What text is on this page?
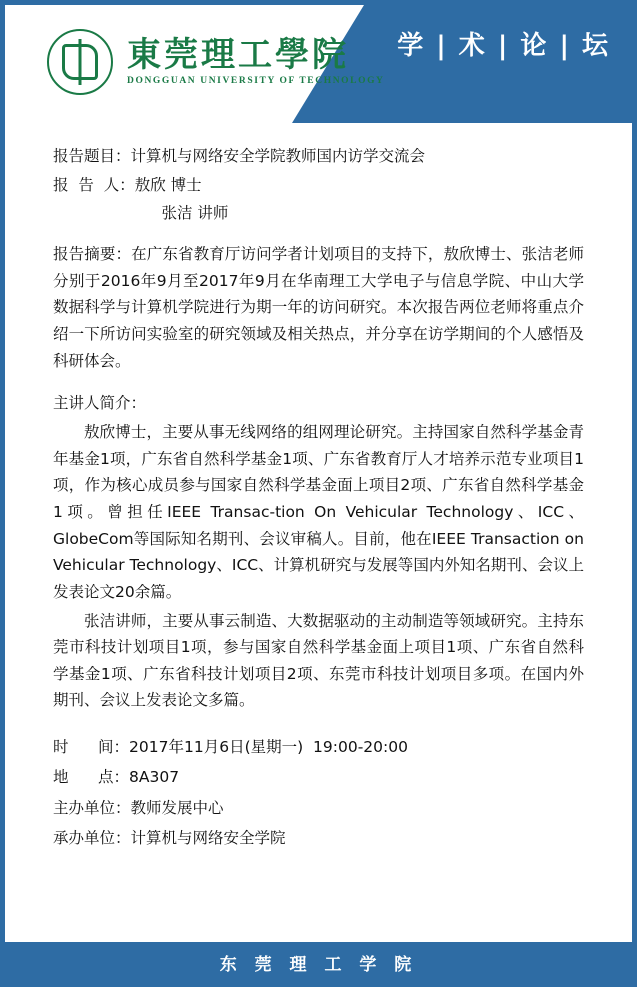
学 | 术 | 论 | 坛
東莞理工學院
DONGGUAN UNIVERSITY OF TECHNOLOGY

报告题目：计算机与网络安全学院教师国内访学交流会

报  告  人：敖欣 博士

张洁 讲师

报告摘要：在广东省教育厅访问学者计划项目的支持下，敖欣博士、张洁老师分别于2016年9月至2017年9月在华南理工大学电子与信息学院、中山大学数据科学与计算机学院进行为期一年的访问研究。本次报告两位老师将重点介绍一下所访问实验室的研究领域及相关热点，并分享在访学期间的个人感悟及科研体会。

主讲人简介：

敖欣博士，主要从事无线网络的组网理论研究。主持国家自然科学基金青年基金1项，广东省自然科学基金1项、广东省教育厅人才培养示范专业项目1项，作为核心成员参与国家自然科学基金面上项目2项、广东省自然科学基金1项。曾担任IEEE Transac-tion On Vehicular Technology、ICC、GlobeCom等国际知名期刊、会议审稿人。目前，他在IEEE Transaction on Vehicular Technology、ICC、计算机研究与发展等国内外知名期刊、会议上发表论文20余篇。

张洁讲师，主要从事云制造、大数据驱动的主动制造等领域研究。主持东莞市科技计划项目1项，参与国家自然科学基金面上项目1项、广东省自然科学基金1项、广东省科技计划项目2项、东莞市科技计划项目多项。在国内外期刊、会议上发表论文多篇。

时      间：2017年11月6日(星期一)  19:00-20:00
地      点：8A307
主办单位：教师发展中心
承办单位：计算机与网络安全学院
东 莞 理 工 学 院
